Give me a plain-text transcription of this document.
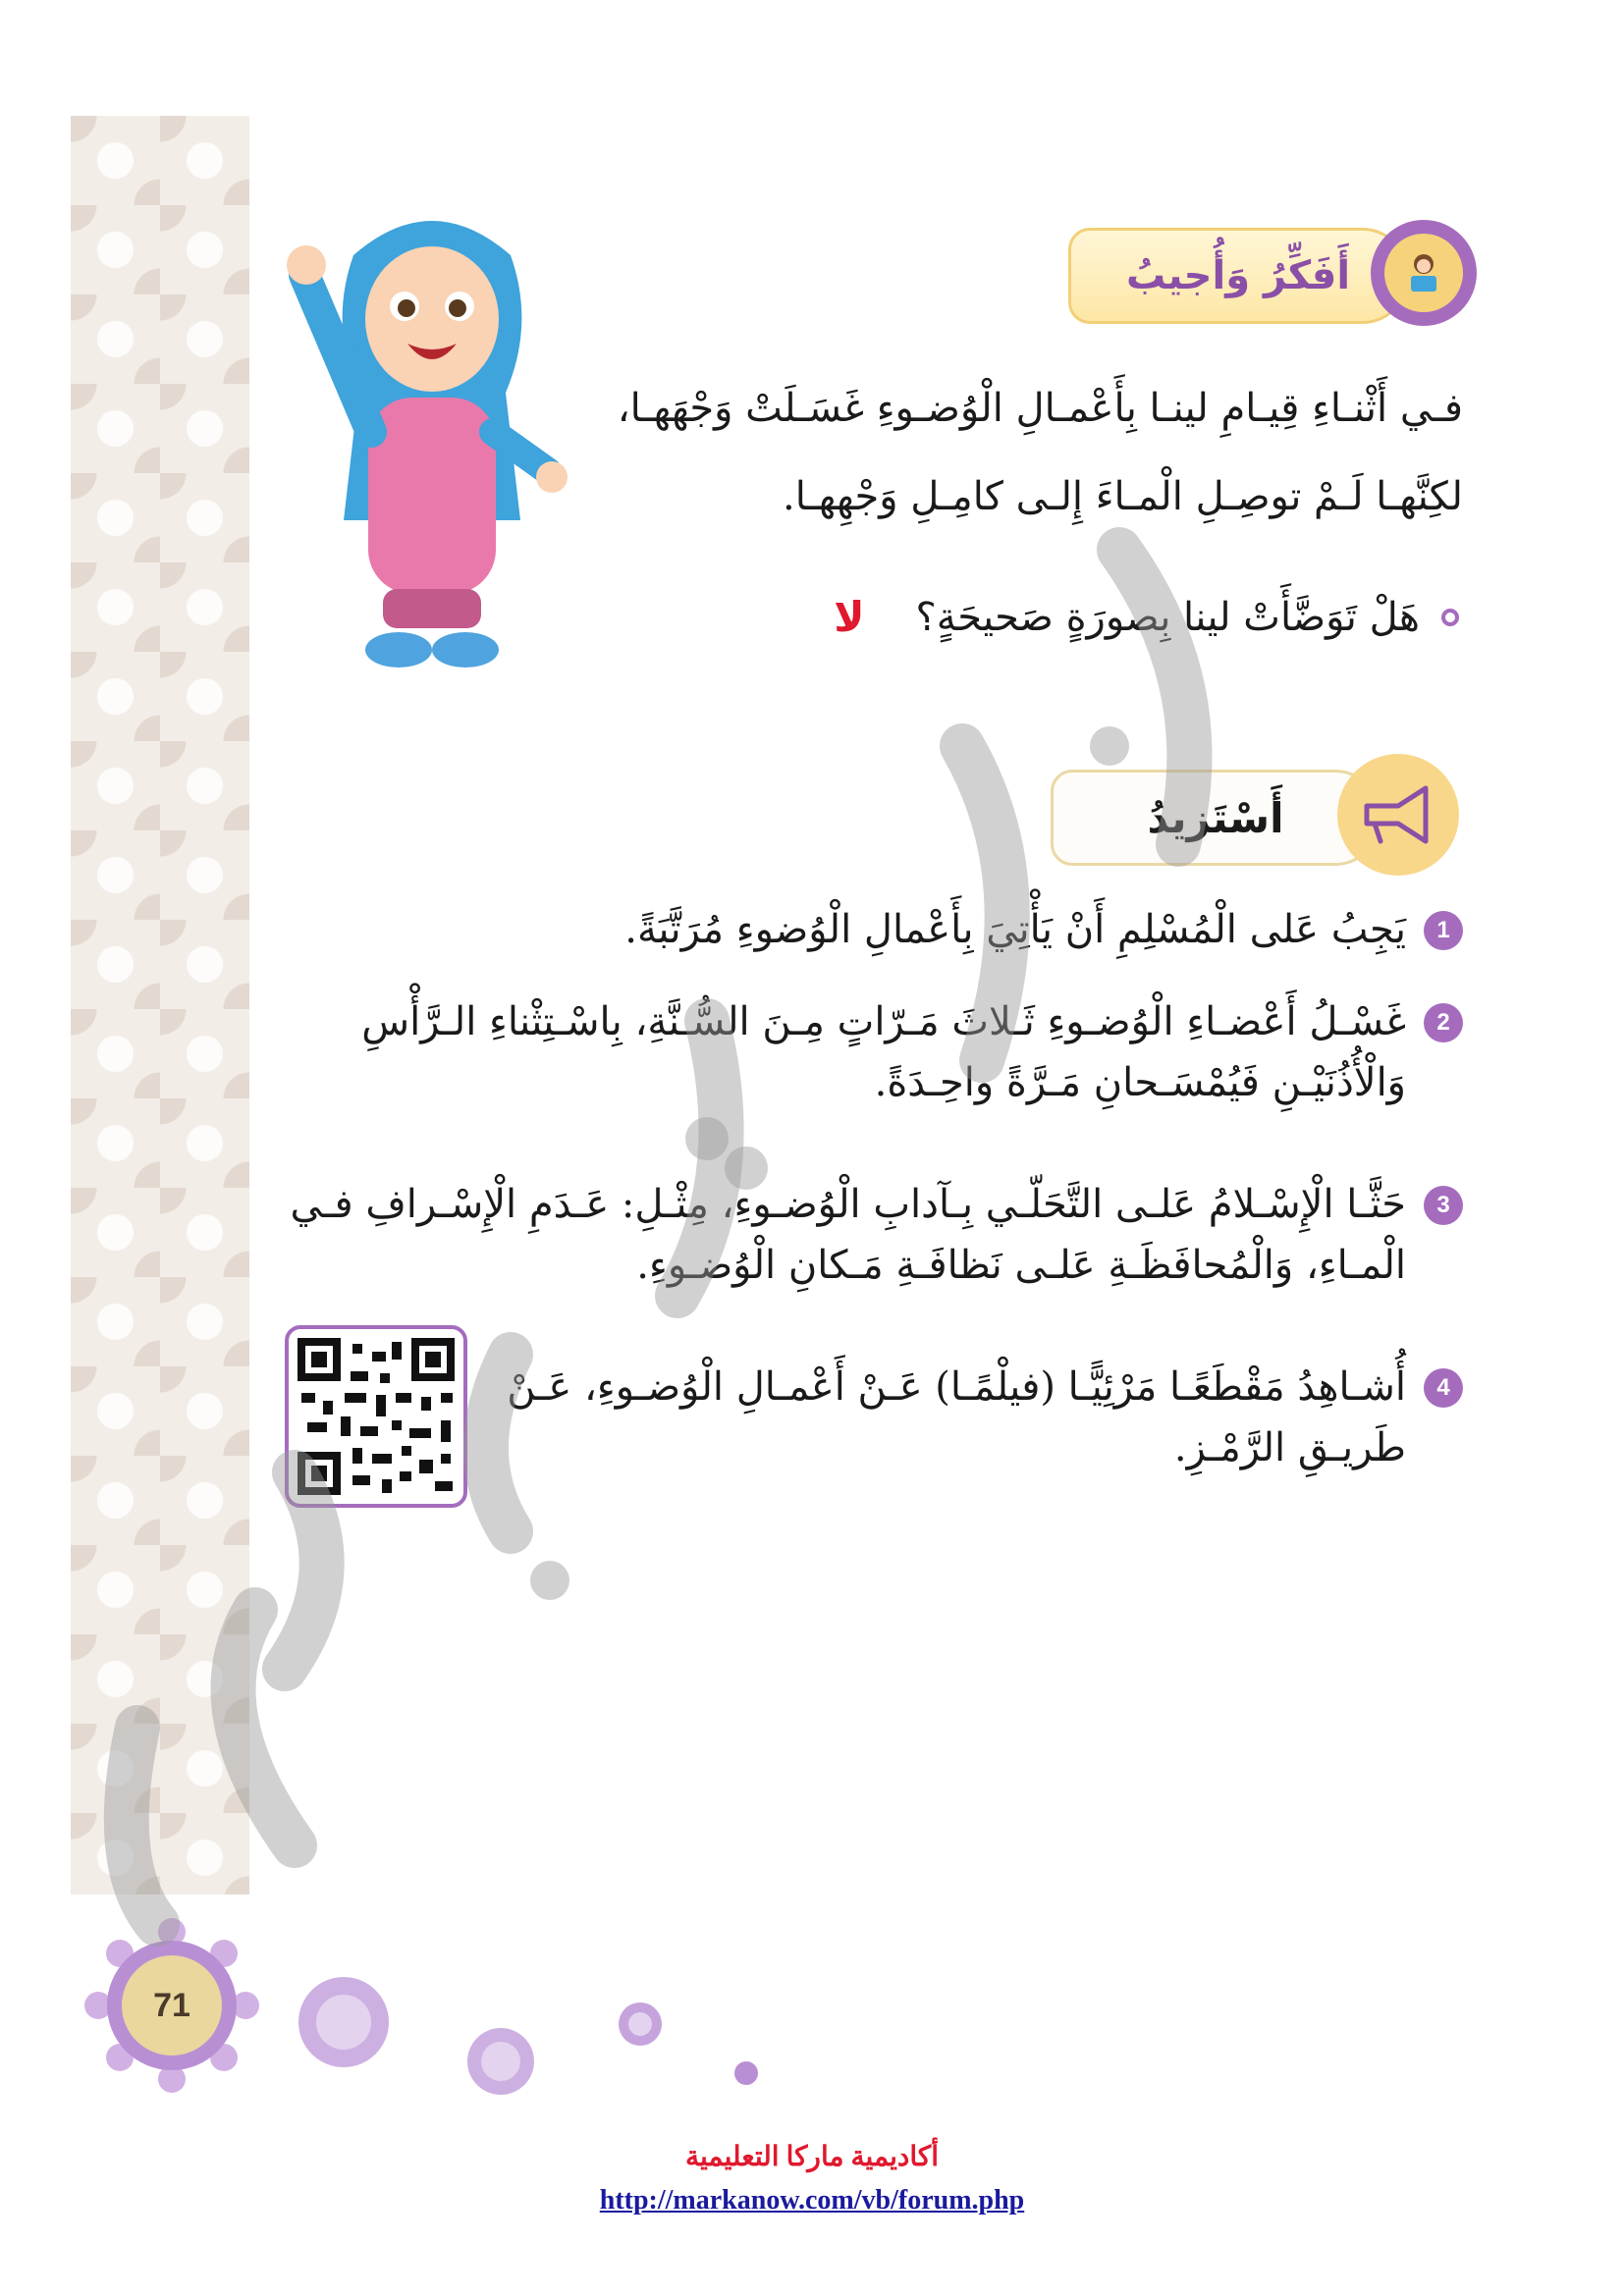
أَفَكِّرُ وَأُجيبُ
فـي أَثْنـاءِ قِيـامِ لينـا بِأَعْمـالِ الْوُضـوءِ غَسَـلَتْ وَجْهَهـا،
لكِنَّهـا لَـمْ توصِـلِ الْمـاءَ إِلـى كامِـلِ وَجْهِهـا.
هَلْ تَوَضَّأَتْ لينا بِصورَةٍ صَحيحَةٍ؟
لا
أَسْتَزيدُ
1
يَجِبُ عَلى الْمُسْلِمِ أَنْ يَأْتِيَ بِأَعْمالِ الْوُضوءِ مُرَتَّبَةً.
2
غَسْـلُ أَعْضـاءِ الْوُضـوءِ ثَـلاثَ مَـرّاتٍ مِـنَ السُّـنَّةِ، بِاسْـتِثْناءِ الـرَّأْسِ وَالْأُذُنَيْـنِ فَيُمْسَـحانِ مَـرَّةً واحِـدَةً.
3
حَثَّـا الْإِسْـلامُ عَلـى التَّحَلّـي بِـآدابِ الْوُضـوءِ، مِثْـلِ: عَـدَمِ الْإِسْـرافِ فـي الْمـاءِ، وَالْمُحافَظَـةِ عَلـى نَظافَـةِ مَـكانِ الْوُضـوءِ.
4
أُشـاهِدُ مَقْطَعًـا مَرْئِيًّـا (فيلْمًـا) عَـنْ أَعْمـالِ الْوُضـوءِ، عَـنْ طَريـقِ الرَّمْـزِ.
71
أكاديمية ماركا التعليمية
http://markanow.com/vb/forum.php
